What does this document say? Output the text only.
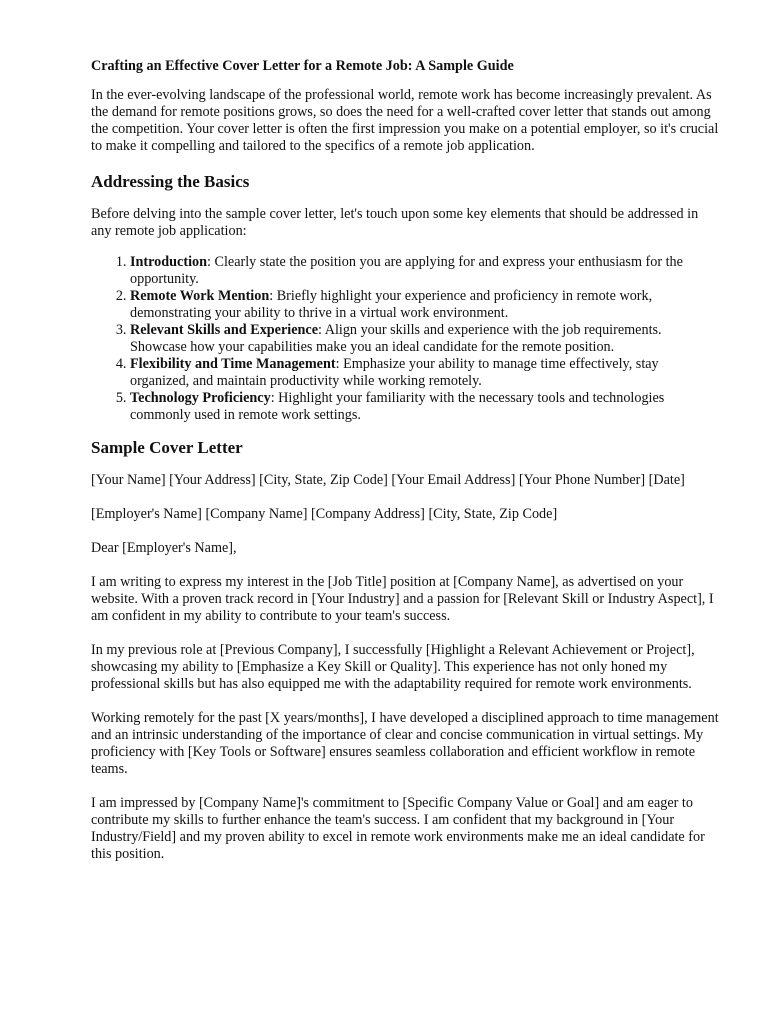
Crafting an Effective Cover Letter for a Remote Job: A Sample Guide

In the ever-evolving landscape of the professional world, remote work has become increasingly prevalent. As the demand for remote positions grows, so does the need for a well-crafted cover letter that stands out among the competition. Your cover letter is often the first impression you make on a potential employer, so it's crucial to make it compelling and tailored to the specifics of a remote job application.

Addressing the Basics

Before delving into the sample cover letter, let's touch upon some key elements that should be addressed in any remote job application:

1. Introduction: Clearly state the position you are applying for and express your enthusiasm for the opportunity.
2. Remote Work Mention: Briefly highlight your experience and proficiency in remote work, demonstrating your ability to thrive in a virtual work environment.
3. Relevant Skills and Experience: Align your skills and experience with the job requirements. Showcase how your capabilities make you an ideal candidate for the remote position.
4. Flexibility and Time Management: Emphasize your ability to manage time effectively, stay organized, and maintain productivity while working remotely.
5. Technology Proficiency: Highlight your familiarity with the necessary tools and technologies commonly used in remote work settings.
Sample Cover Letter

[Your Name] [Your Address] [City, State, Zip Code] [Your Email Address] [Your Phone Number] [Date]

[Employer's Name] [Company Name] [Company Address] [City, State, Zip Code]

Dear [Employer's Name],

I am writing to express my interest in the [Job Title] position at [Company Name], as advertised on your website. With a proven track record in [Your Industry] and a passion for [Relevant Skill or Industry Aspect], I am confident in my ability to contribute to your team's success.

In my previous role at [Previous Company], I successfully [Highlight a Relevant Achievement or Project], showcasing my ability to [Emphasize a Key Skill or Quality]. This experience has not only honed my professional skills but has also equipped me with the adaptability required for remote work environments.

Working remotely for the past [X years/months], I have developed a disciplined approach to time management and an intrinsic understanding of the importance of clear and concise communication in virtual settings. My proficiency with [Key Tools or Software] ensures seamless collaboration and efficient workflow in remote teams.

I am impressed by [Company Name]'s commitment to [Specific Company Value or Goal] and am eager to contribute my skills to further enhance the team's success. I am confident that my background in [Your Industry/Field] and my proven ability to excel in remote work environments make me an ideal candidate for this position.
